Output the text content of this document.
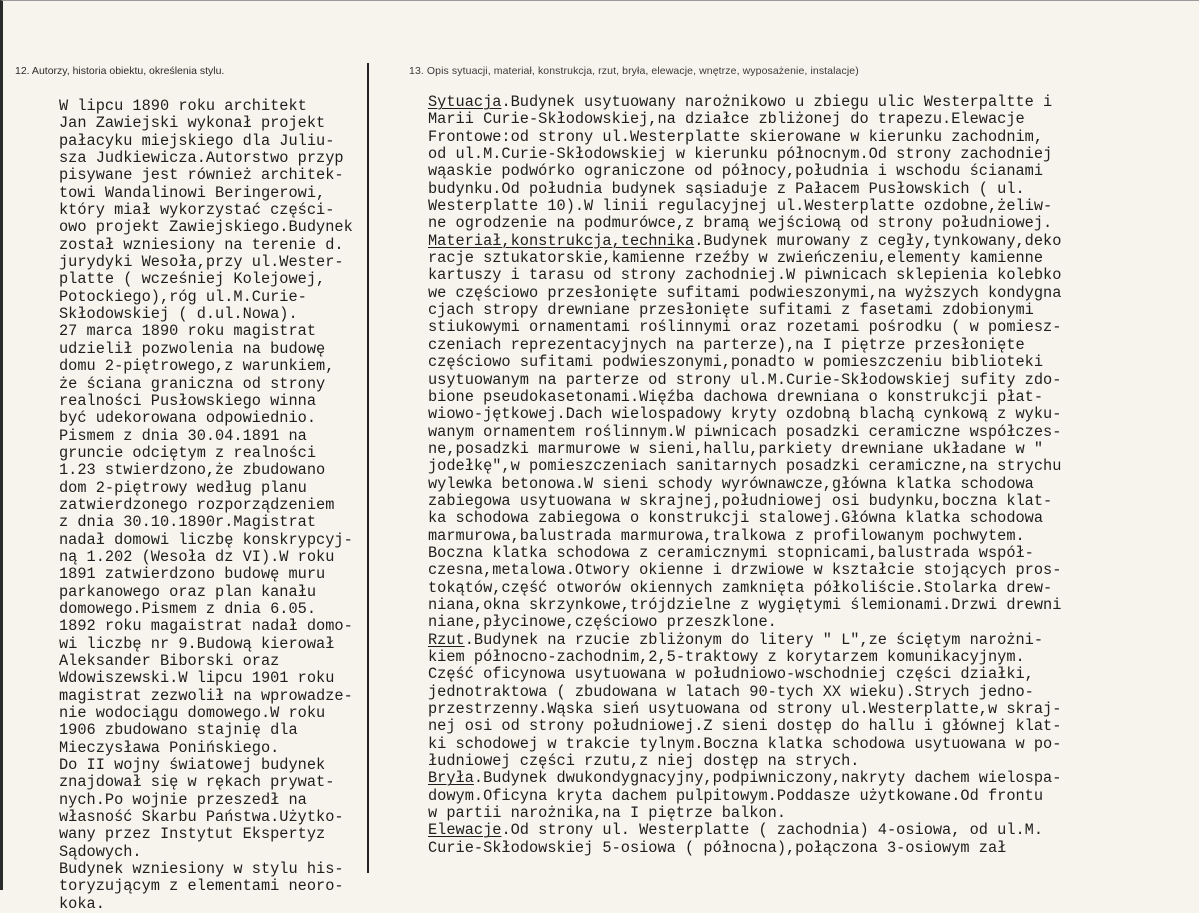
12. Autorzy, historia obiektu, określenia stylu.	13. Opis sytuacji, materiał, konstrukcja, rzut, bryła, elewacje, wnętrze, wyposażenie, instalacje)
W lipcu 1890 roku architekt
Jan Zawiejski wykonał projekt
pałacyku miejskiego dla Juliu-
sza Judkiewicza.Autorstwo przyp
pisywane jest również architek-
towi Wandalinowi Beringerowi,
który miał wykorzystać części-
owo projekt Zawiejskiego.Budynek
został wzniesiony na terenie d.
jurydyki Wesoła,przy ul.Wester-
platte ( wcześniej Kolejowej,
Potockiego),róg ul.M.Curie-
Skłodowskiej ( d.ul.Nowa).
27 marca 1890 roku magistrat
udzielił pozwolenia na budowę
domu 2-piętrowego,z warunkiem,
że ściana graniczna od strony
realności Pusłowskiego winna
być udekorowana odpowiednio.
Pismem z dnia 30.04.1891 na
gruncie odciętym z realności
1.23 stwierdzono,że zbudowano
dom 2-piętrowy według planu
zatwierdzonego rozporządzeniem
z dnia 30.10.1890r.Magistrat
nadał domowi liczbę konskrypcyj-
ną 1.202 (Wesoła dz VI).W roku
1891 zatwierdzono budowę muru
parkanowego oraz plan kanału
domowego.Pismem z dnia 6.05.
1892 roku magaistrat nadał domo-
wi liczbę nr 9.Budową kierował
Aleksander Biborski oraz
Wdowiszewski.W lipcu 1901 roku
magistrat zezwolił na wprowadze-
nie wodociągu domowego.W roku
1906 zbudowano stajnię dla
Mieczysława Ponińskiego.
Do II wojny światowej budynek
znajdował się w rękach prywat-
nych.Po wojnie przeszedł na
własność Skarbu Państwa.Użytko-
wany przez Instytut Ekspertyz
Sądowych.
Budynek wzniesiony w stylu his-
toryzującym z elementami neoro-
koka.
Sytuacja.Budynek usytuowany narożnikowo u zbiegu ulic Westerpaltte i
Marii Curie-Skłodowskiej,na działce zbliżonej do trapezu.Elewacje
Frontowe:od strony ul.Westerplatte skierowane w kierunku zachodnim,
od ul.M.Curie-Skłodowskiej w kierunku północnym.Od strony zachodniej
wąaskie podwórko ograniczone od północy,południa i wschodu ścianami
budynku.Od południa budynek sąsiaduje z Pałacem Pusłowskich ( ul.
Westerplatte 10).W linii regulacyjnej ul.Westerplatte ozdobne,żeliw-
ne ogrodzenie na podmurówce,z bramą wejściową od strony południowej.
Materiał,konstrukcja,technika.Budynek murowany z cegły,tynkowany,deko
racje sztukatorskie,kamienne rzeźby w zwieńczeniu,elementy kamienne
kartuszy i tarasu od strony zachodniej.W piwnicach sklepienia kolebko
we częściowo przesłonięte sufitami podwieszonymi,na wyższych kondygna
cjach stropy drewniane przesłonięte sufitami z fasetami zdobionymi
stiukowymi ornamentami roślinnymi oraz rozetami pośrodku ( w pomiesz-
czeniach reprezentacyjnych na parterze),na I piętrze przesłonięte
częściowo sufitami podwieszonymi,ponadto w pomieszczeniu biblioteki
usytuowanym na parterze od strony ul.M.Curie-Skłodowskiej sufity zdo-
bione pseudokasetonami.Więźba dachowa drewniana o konstrukcji płat-
wiowo-jętkowej.Dach wielospadowy kryty ozdobną blachą cynkową z wyku-
wanym ornamentem roślinnym.W piwnicach posadzki ceramiczne współczes-
ne,posadzki marmurowe w sieni,hallu,parkiety drewniane układane w "
jodełkę",w pomieszczeniach sanitarnych posadzki ceramiczne,na strychu
wylewka betonowa.W sieni schody wyrównawcze,główna klatka schodowa
zabiegowa usytuowana w skrajnej,południowej osi budynku,boczna klat-
ka schodowa zabiegowa o konstrukcji stalowej.Główna klatka schodowa
marmurowa,balustrada marmurowa,tralkowa z profilowanym pochwytem.
Boczna klatka schodowa z ceramicznymi stopnicami,balustrada współ-
czesna,metalowa.Otwory okienne i drzwiowe w kształcie stojących pros-
tokątów,część otworów okiennych zamknięta półkoliście.Stolarka drew-
niana,okna skrzynkowe,trójdzielne z wygiętymi ślemionami.Drzwi drewni
niane,płycinowe,częściowo przeszklone.
Rzut.Budynek na rzucie zbliżonym do litery " L",ze ściętym narożni-
kiem północno-zachodnim,2,5-traktowy z korytarzem komunikacyjnym.
Część oficynowa usytuowana w południowo-wschodniej części działki,
jednotraktowa ( zbudowana w latach 90-tych XX wieku).Strych jedno-
przestrzenny.Wąska sień usytuowana od strony ul.Westerplatte,w skraj-
nej osi od strony południowej.Z sieni dostęp do hallu i głównej klat-
ki schodowej w trakcie tylnym.Boczna klatka schodowa usytuowana w po-
łudniowej części rzutu,z niej dostęp na strych.
Bryła.Budynek dwukondygnacyjny,podpiwniczony,nakryty dachem wielospa-
dowym.Oficyna kryta dachem pulpitowym.Poddasze użytkowane.Od frontu
w partii narożnika,na I piętrze balkon.
Elewacje.Od strony ul. Westerplatte ( zachodnia) 4-osiowa, od ul.M.
Curie-Skłodowskiej 5-osiowa ( północna),połączona 3-osiowym zał
